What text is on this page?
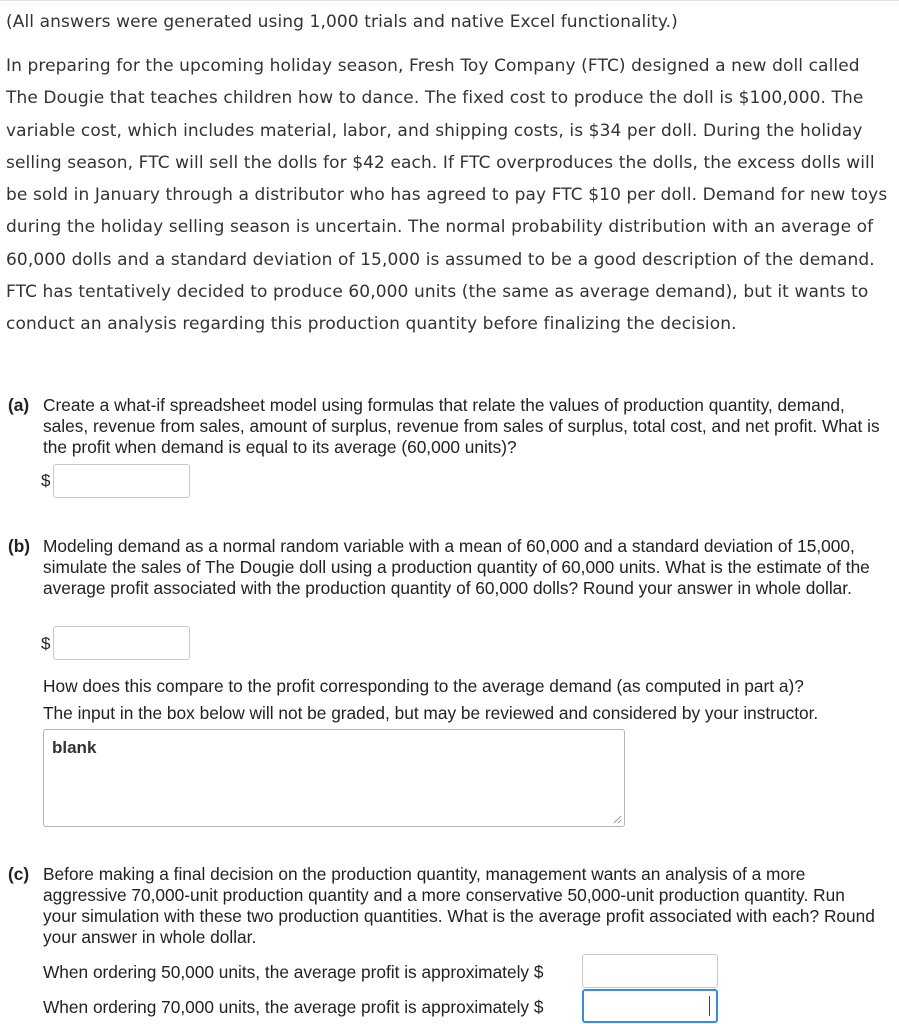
(All answers were generated using 1,000 trials and native Excel functionality.)

In preparing for the upcoming holiday season, Fresh Toy Company (FTC) designed a new doll called The Dougie that teaches children how to dance. The fixed cost to produce the doll is $100,000. The variable cost, which includes material, labor, and shipping costs, is $34 per doll. During the holiday selling season, FTC will sell the dolls for $42 each. If FTC overproduces the dolls, the excess dolls will be sold in January through a distributor who has agreed to pay FTC $10 per doll. Demand for new toys during the holiday selling season is uncertain. The normal probability distribution with an average of 60,000 dolls and a standard deviation of 15,000 is assumed to be a good description of the demand. FTC has tentatively decided to produce 60,000 units (the same as average demand), but it wants to conduct an analysis regarding this production quantity before finalizing the decision.

(a) Create a what-if spreadsheet model using formulas that relate the values of production quantity, demand, sales, revenue from sales, amount of surplus, revenue from sales of surplus, total cost, and net profit. What is the profit when demand is equal to its average (60,000 units)?

$
(b) Modeling demand as a normal random variable with a mean of 60,000 and a standard deviation of 15,000, simulate the sales of The Dougie doll using a production quantity of 60,000 units. What is the estimate of the average profit associated with the production quantity of 60,000 dolls? Round your answer in whole dollar.

$

How does this compare to the profit corresponding to the average demand (as computed in part a)?

The input in the box below will not be graded, but may be reviewed and considered by your instructor.

blank
(c) Before making a final decision on the production quantity, management wants an analysis of a more aggressive 70,000-unit production quantity and a more conservative 50,000-unit production quantity. Run your simulation with these two production quantities. What is the average profit associated with each? Round your answer in whole dollar.

When ordering 50,000 units, the average profit is approximately $

When ordering 70,000 units, the average profit is approximately $
